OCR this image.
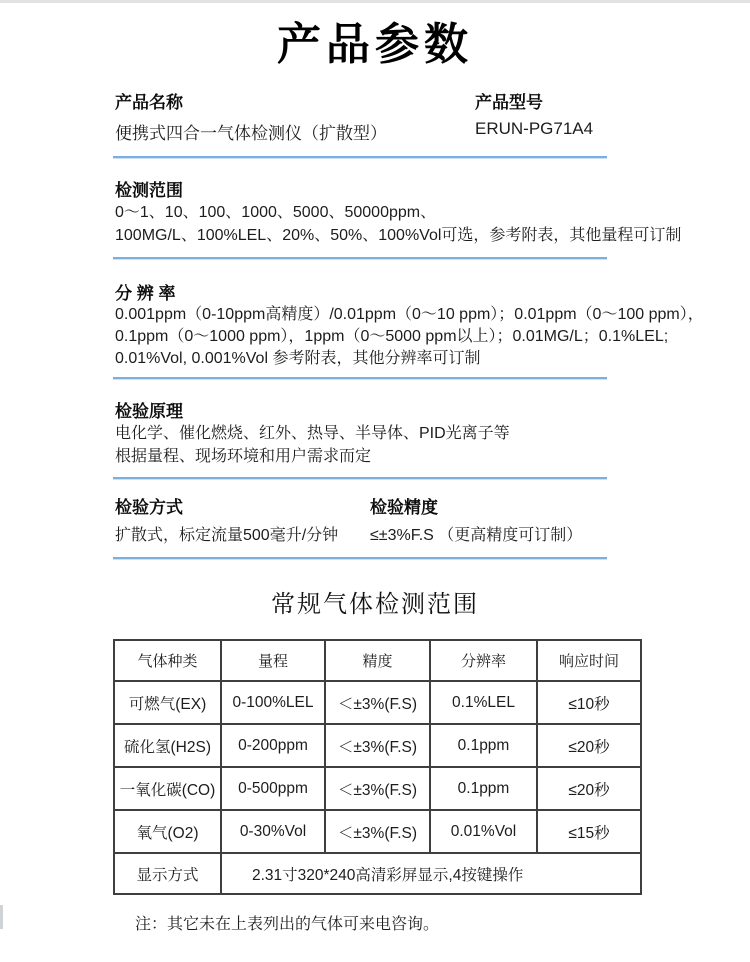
产品参数
产品名称
便携式四合一气体检测仪（扩散型）
产品型号
ERUN-PG71A4
检测范围
0～1、10、100、1000、5000、50000ppm、
100MG/L、100%LEL、20%、50%、100%Vol可选，参考附表，其他量程可订制
分 辨 率
0.001ppm（0-10ppm高精度）/0.01ppm（0～10 ppm）；0.01ppm（0～100 ppm），
0.1ppm（0～1000 ppm），1ppm（0～5000 ppm以上）；0.01MG/L；0.1%LEL;
0.01%Vol, 0.001%Vol 参考附表，其他分辨率可订制
检验原理
电化学、催化燃烧、红外、热导、半导体、PID光离子等
根据量程、现场环境和用户需求而定
检验方式
扩散式，标定流量500毫升/分钟
检验精度
≤±3%F.S （更高精度可订制）
常规气体检测范围
气体种类	量程	精度	分辨率	响应时间
可燃气(EX)	0-100%LEL	＜±3%(F.S)	0.1%LEL	≤10秒
硫化氢(H2S)	0-200ppm	＜±3%(F.S)	0.1ppm	≤20秒
一氧化碳(CO)	0-500ppm	＜±3%(F.S)	0.1ppm	≤20秒
氧气(O2)	0-30%Vol	＜±3%(F.S)	0.01%Vol	≤15秒
显示方式	2.31寸320*240高清彩屏显示,4按键操作			
注：其它未在上表列出的气体可来电咨询。
